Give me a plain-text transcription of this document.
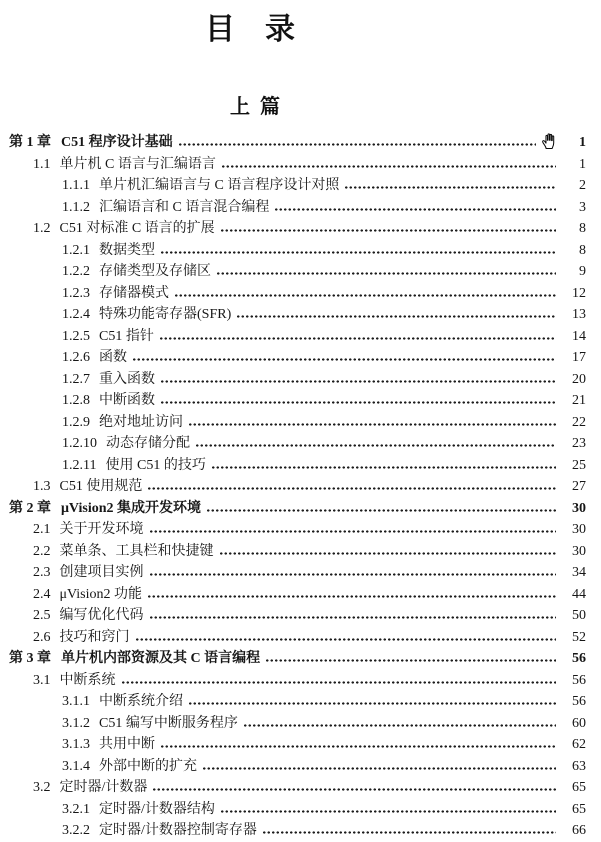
目　录
上  篇
第 1 章 C51 程序设计基础	1
1.1 单片机 C 语言与汇编语言	1
1.1.1 单片机汇编语言与 C 语言程序设计对照	2
1.1.2 汇编语言和 C 语言混合编程	3
1.2 C51 对标准 C 语言的扩展	8
1.2.1 数据类型	8
1.2.2 存储类型及存储区	9
1.2.3 存储器模式	12
1.2.4 特殊功能寄存器(SFR)	13
1.2.5 C51 指针	14
1.2.6 函数	17
1.2.7 重入函数	20
1.2.8 中断函数	21
1.2.9 绝对地址访问	22
1.2.10 动态存储分配	23
1.2.11 使用 C51 的技巧	25
1.3 C51 使用规范	27
第 2 章 μVision2 集成开发环境	30
2.1 关于开发环境	30
2.2 菜单条、工具栏和快捷键	30
2.3 创建项目实例	34
2.4 μVision2 功能	44
2.5 编写优化代码	50
2.6 技巧和窍门	52
第 3 章 单片机内部资源及其 C 语言编程	56
3.1 中断系统	56
3.1.1 中断系统介绍	56
3.1.2 C51 编写中断服务程序	60
3.1.3 共用中断	62
3.1.4 外部中断的扩充	63
3.2 定时器/计数器	65
3.2.1 定时器/计数器结构	65
3.2.2 定时器/计数器控制寄存器	66
